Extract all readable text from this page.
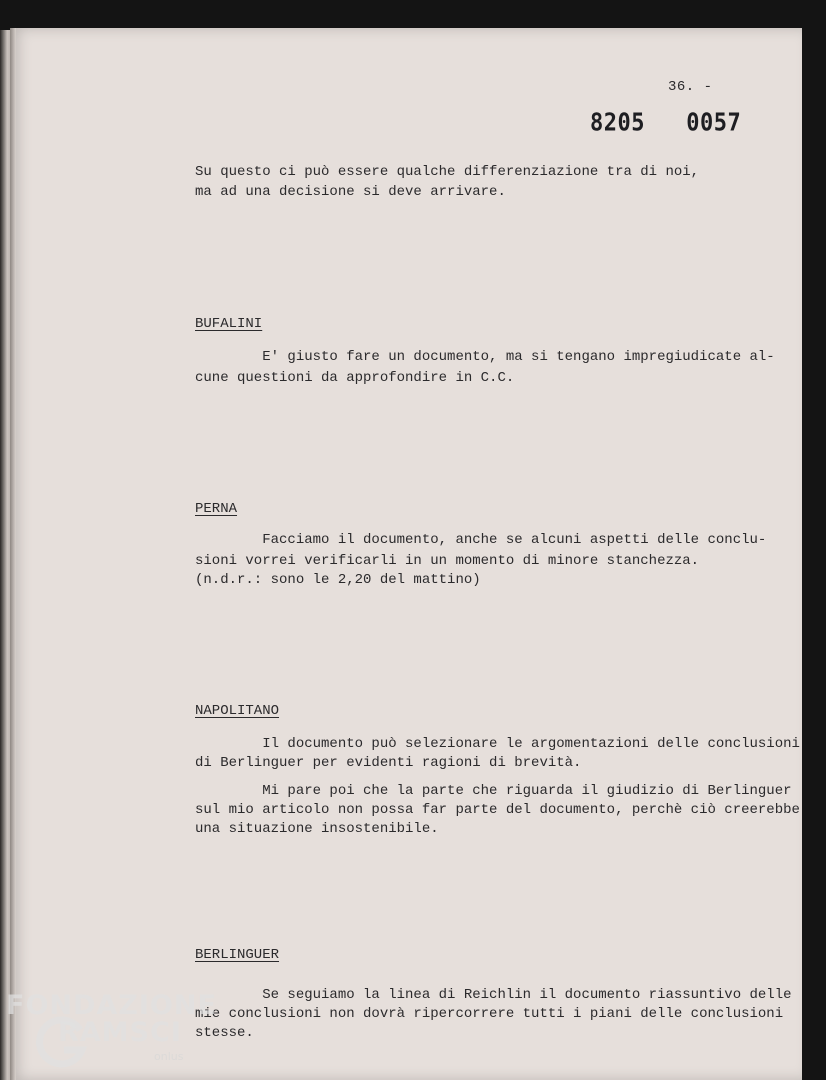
36. -
8205   0057
Su questo ci può essere qualche differenziazione tra di noi,
ma ad una decisione si deve arrivare.
BUFALINI
E' giusto fare un documento, ma si tengano impregiudicate al-
cune questioni da approfondire in C.C.
PERNA
Facciamo il documento, anche se alcuni aspetti delle conclu-
sioni vorrei verificarli in un momento di minore stanchezza.
(n.d.r.: sono le 2,20 del mattino)
NAPOLITANO
Il documento può selezionare le argomentazioni delle conclusioni
di Berlinguer per evidenti ragioni di brevità.
Mi pare poi che la parte che riguarda il giudizio di Berlinguer
sul mio articolo non possa far parte del documento, perchè ciò creerebbe
una situazione insostenibile.
BERLINGUER
Se seguiamo la linea di Reichlin il documento riassuntivo delle
mie conclusioni non dovrà ripercorrere tutti i piani delle conclusioni
stesse.
FONDAZIONE
RAMSCI
onlus
